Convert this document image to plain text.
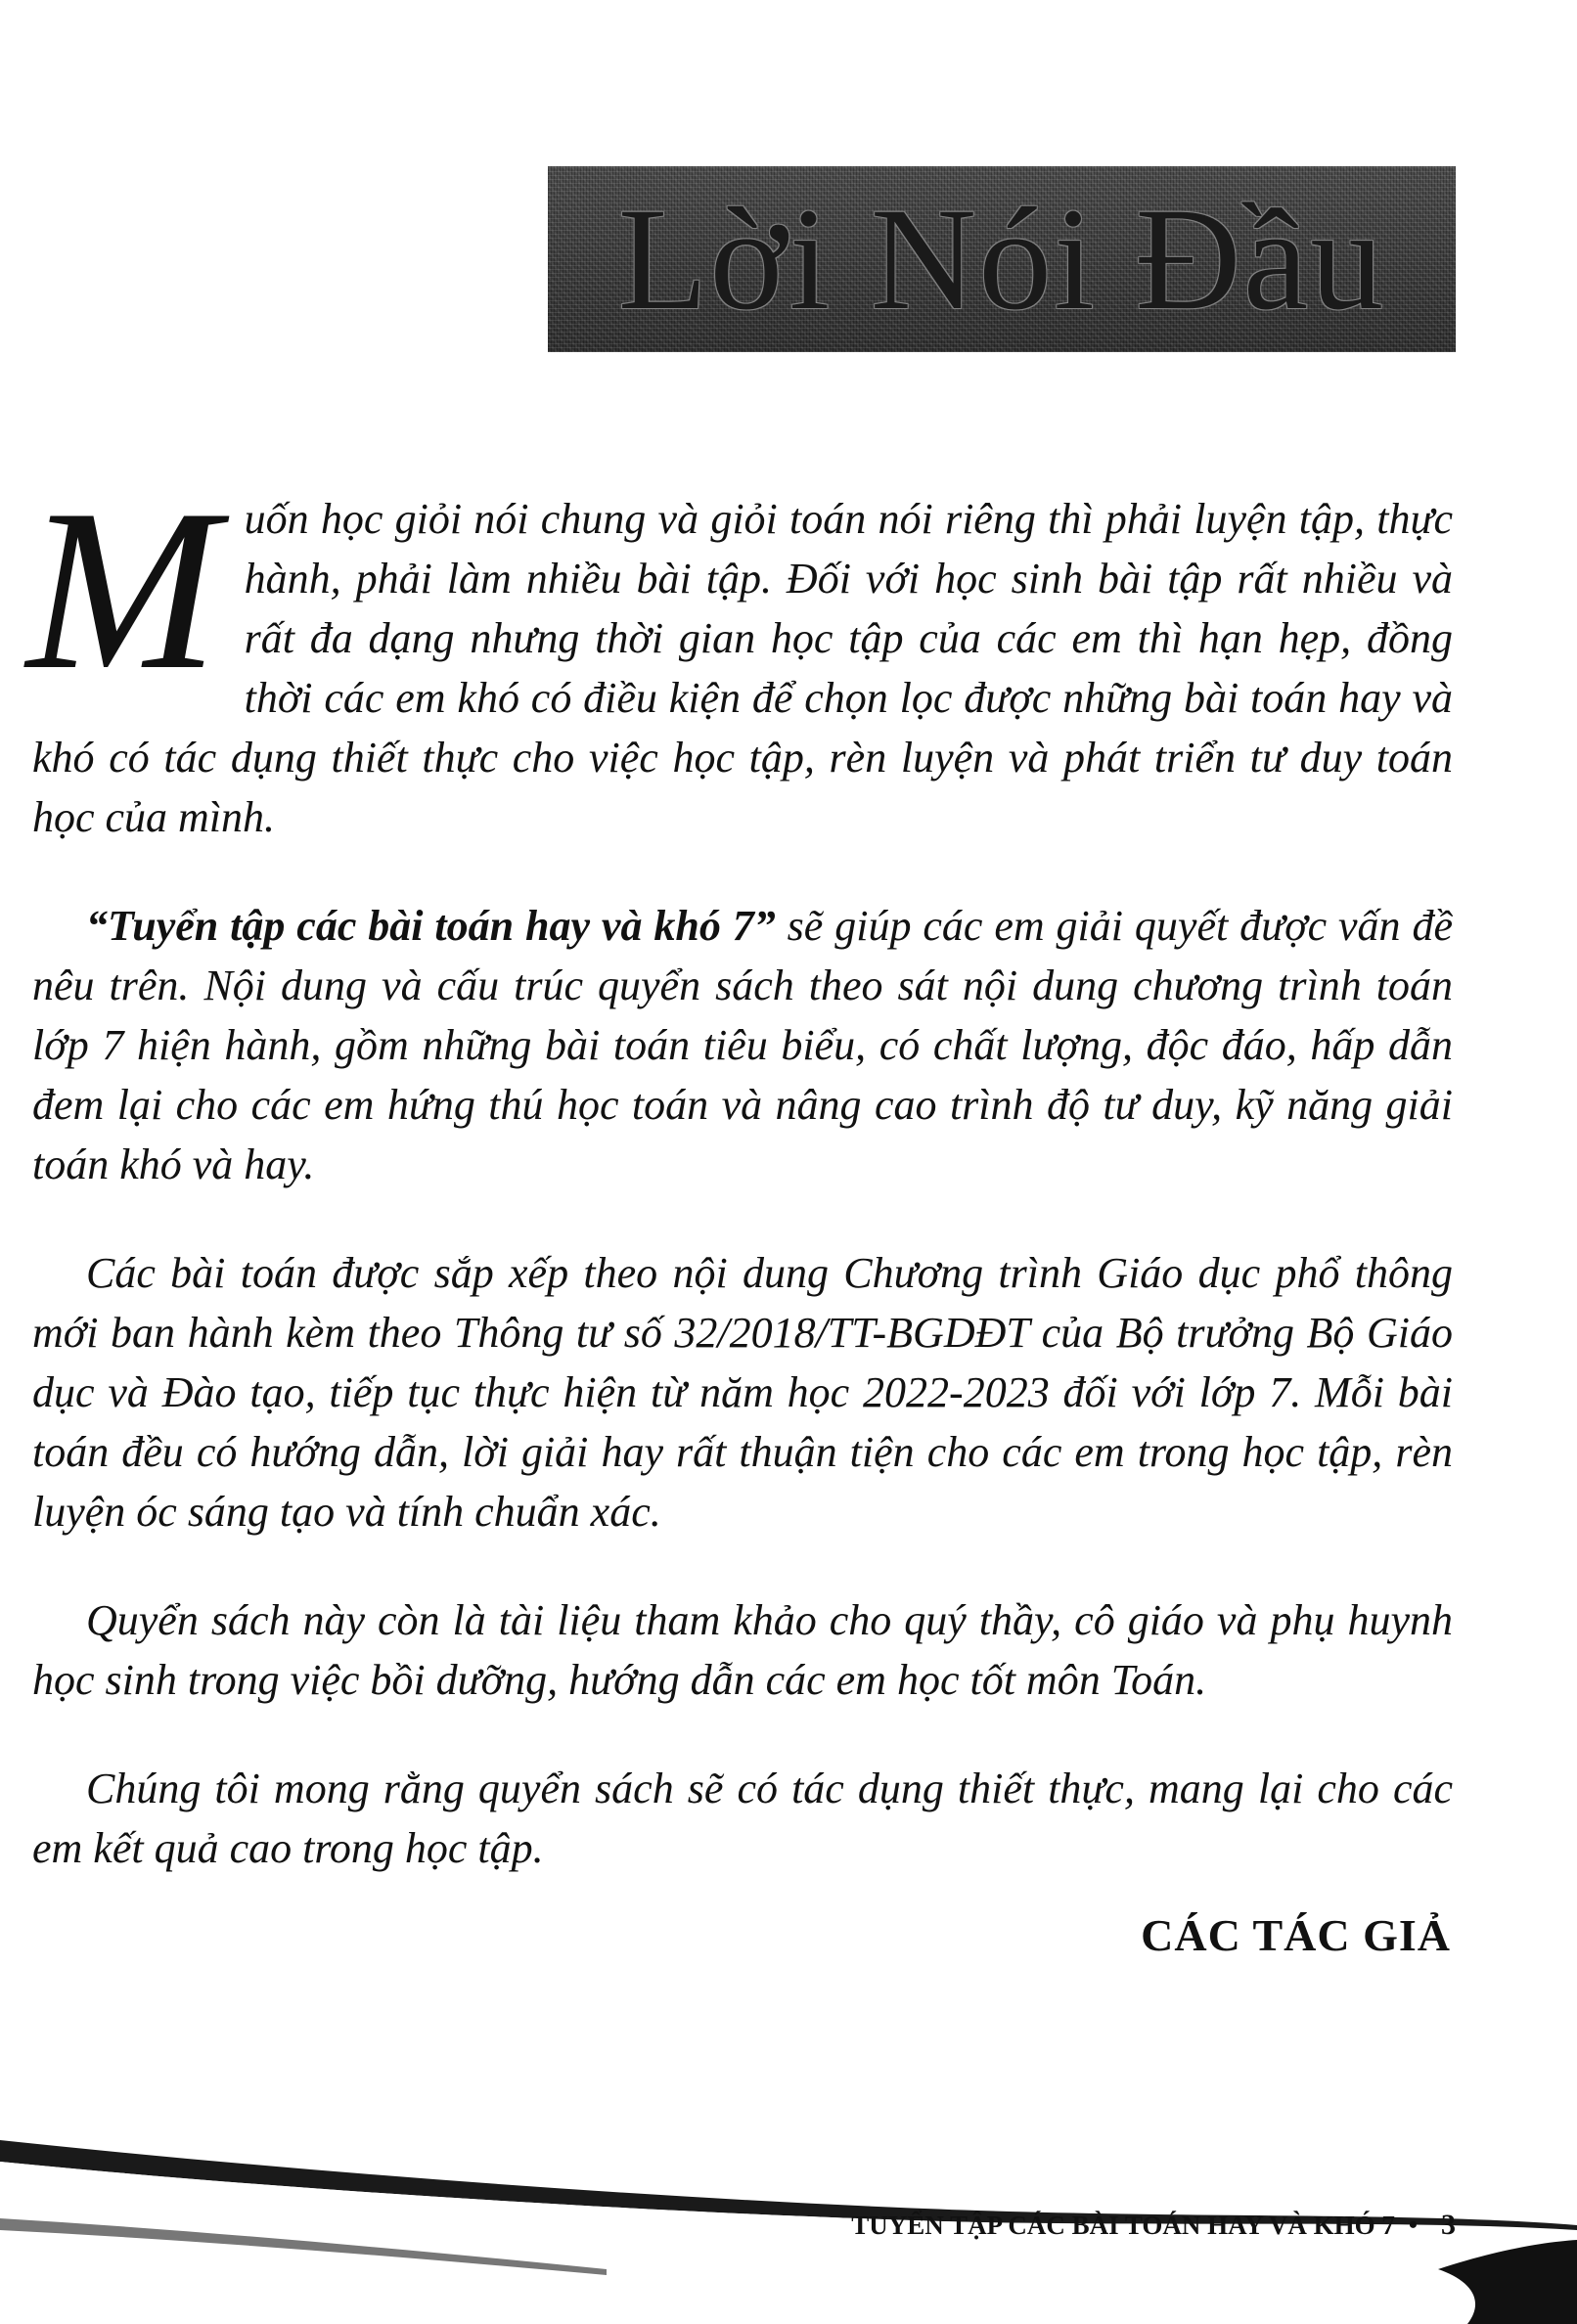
Lời Nói Đầu

Muốn học giỏi nói chung và giỏi toán nói riêng thì phải luyện tập, thực hành, phải làm nhiều bài tập. Đối với học sinh bài tập rất nhiều và rất đa dạng nhưng thời gian học tập của các em thì hạn hẹp, đồng thời các em khó có điều kiện để chọn lọc được những bài toán hay và khó có tác dụng thiết thực cho việc học tập, rèn luyện và phát triển tư duy toán học của mình.

“Tuyển tập các bài toán hay và khó 7” sẽ giúp các em giải quyết được vấn đề nêu trên. Nội dung và cấu trúc quyển sách theo sát nội dung chương trình toán lớp 7 hiện hành, gồm những bài toán tiêu biểu, có chất lượng, độc đáo, hấp dẫn đem lại cho các em hứng thú học toán và nâng cao trình độ tư duy, kỹ năng giải toán khó và hay.

Các bài toán được sắp xếp theo nội dung Chương trình Giáo dục phổ thông mới ban hành kèm theo Thông tư số 32/2018/TT-BGDĐT của Bộ trưởng Bộ Giáo dục và Đào tạo, tiếp tục thực hiện từ năm học 2022-2023 đối với lớp 7. Mỗi bài toán đều có hướng dẫn, lời giải hay rất thuận tiện cho các em trong học tập, rèn luyện óc sáng tạo và tính chuẩn xác.

Quyển sách này còn là tài liệu tham khảo cho quý thầy, cô giáo và phụ huynh học sinh trong việc bồi dưỡng, hướng dẫn các em học tốt môn Toán.

Chúng tôi mong rằng quyển sách sẽ có tác dụng thiết thực, mang lại cho các em kết quả cao trong học tập.

CÁC TÁC GIẢ
TUYỂN TẬP CÁC BÀI TOÁN HAY VÀ KHÓ 7 • 3
